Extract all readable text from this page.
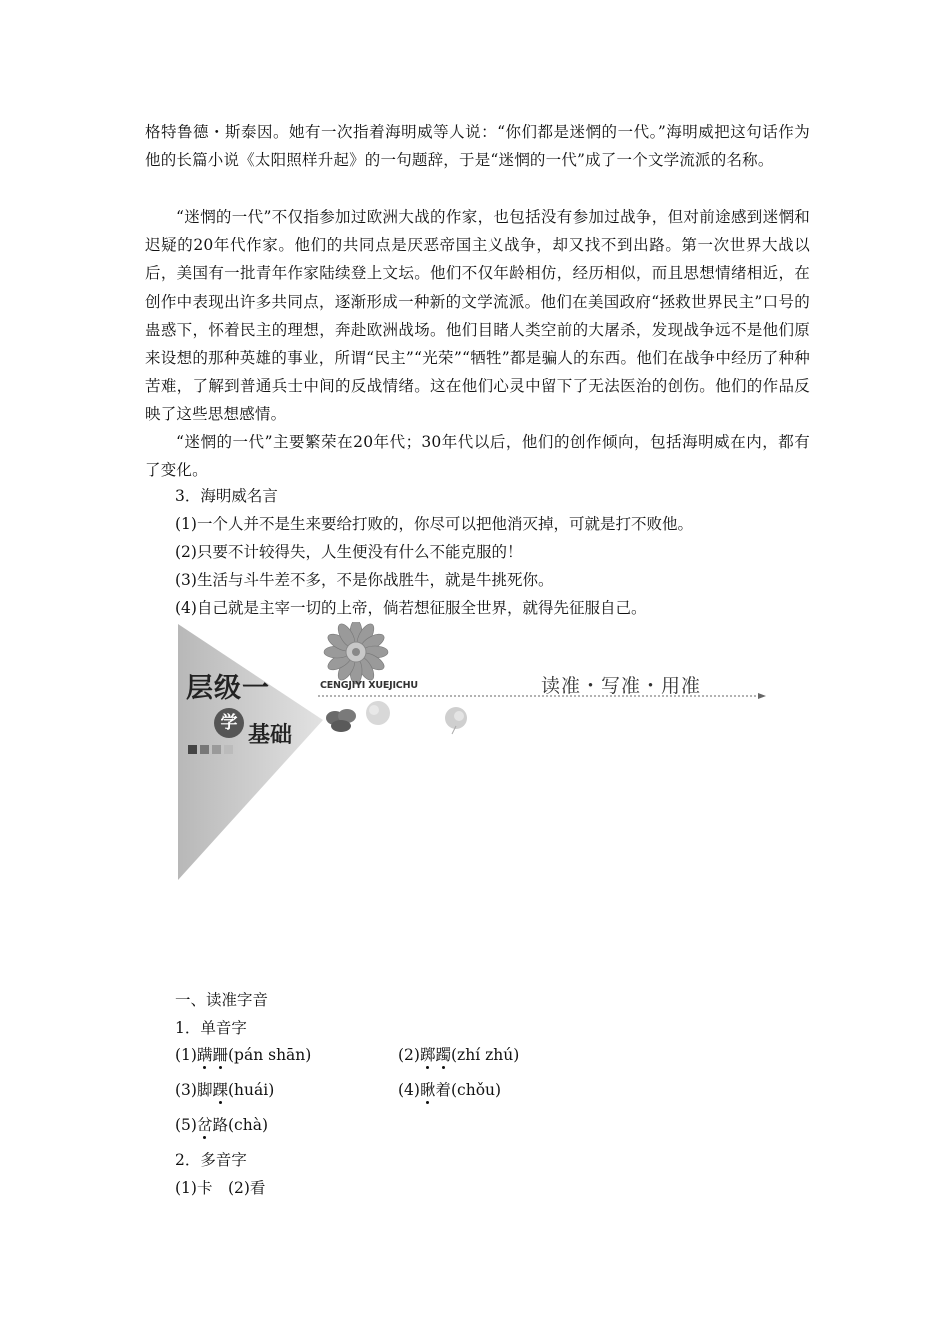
格特鲁德・斯泰因。她有一次指着海明威等人说：“你们都是迷惘的一代。”海明威把这句话作为他的长篇小说《太阳照样升起》的一句题辞，于是“迷惘的一代”成了一个文学流派的名称。

“迷惘的一代”不仅指参加过欧洲大战的作家，也包括没有参加过战争，但对前途感到迷惘和迟疑的20年代作家。他们的共同点是厌恶帝国主义战争，却又找不到出路。第一次世界大战以后，美国有一批青年作家陆续登上文坛。他们不仅年龄相仿，经历相似，而且思想情绪相近，在创作中表现出许多共同点，逐渐形成一种新的文学流派。他们在美国政府“拯救世界民主”口号的蛊惑下，怀着民主的理想，奔赴欧洲战场。他们目睹人类空前的大屠杀，发现战争远不是他们原来设想的那种英雄的事业，所谓“民主”“光荣”“牺牲”都是骗人的东西。他们在战争中经历了种种苦难，了解到普通兵士中间的反战情绪。这在他们心灵中留下了无法医治的创伤。他们的作品反映了这些思想感情。

“迷惘的一代”主要繁荣在20年代；30年代以后，他们的创作倾向，包括海明威在内，都有了变化。

3．海明威名言

(1)一个人并不是生来要给打败的，你尽可以把他消灭掉，可就是打不败他。

(2)只要不计较得失，人生便没有什么不能克服的！

(3)生活与斗牛差不多，不是你战胜牛，就是牛挑死你。

(4)自己就是主宰一切的上帝，倘若想征服全世界，就得先征服自己。

层级一
学 基础
CENGJIYI XUEJICHU	读准・写准・用准

一、读准字音

1．单音字

(1)蹒跚(pán shān)	(2)踯躅(zhí zhú)

(3)脚踝(huái)	(4)瞅着(chǒu)

(5)岔路(chà)

2．多音字

(1)卡　(2)看
